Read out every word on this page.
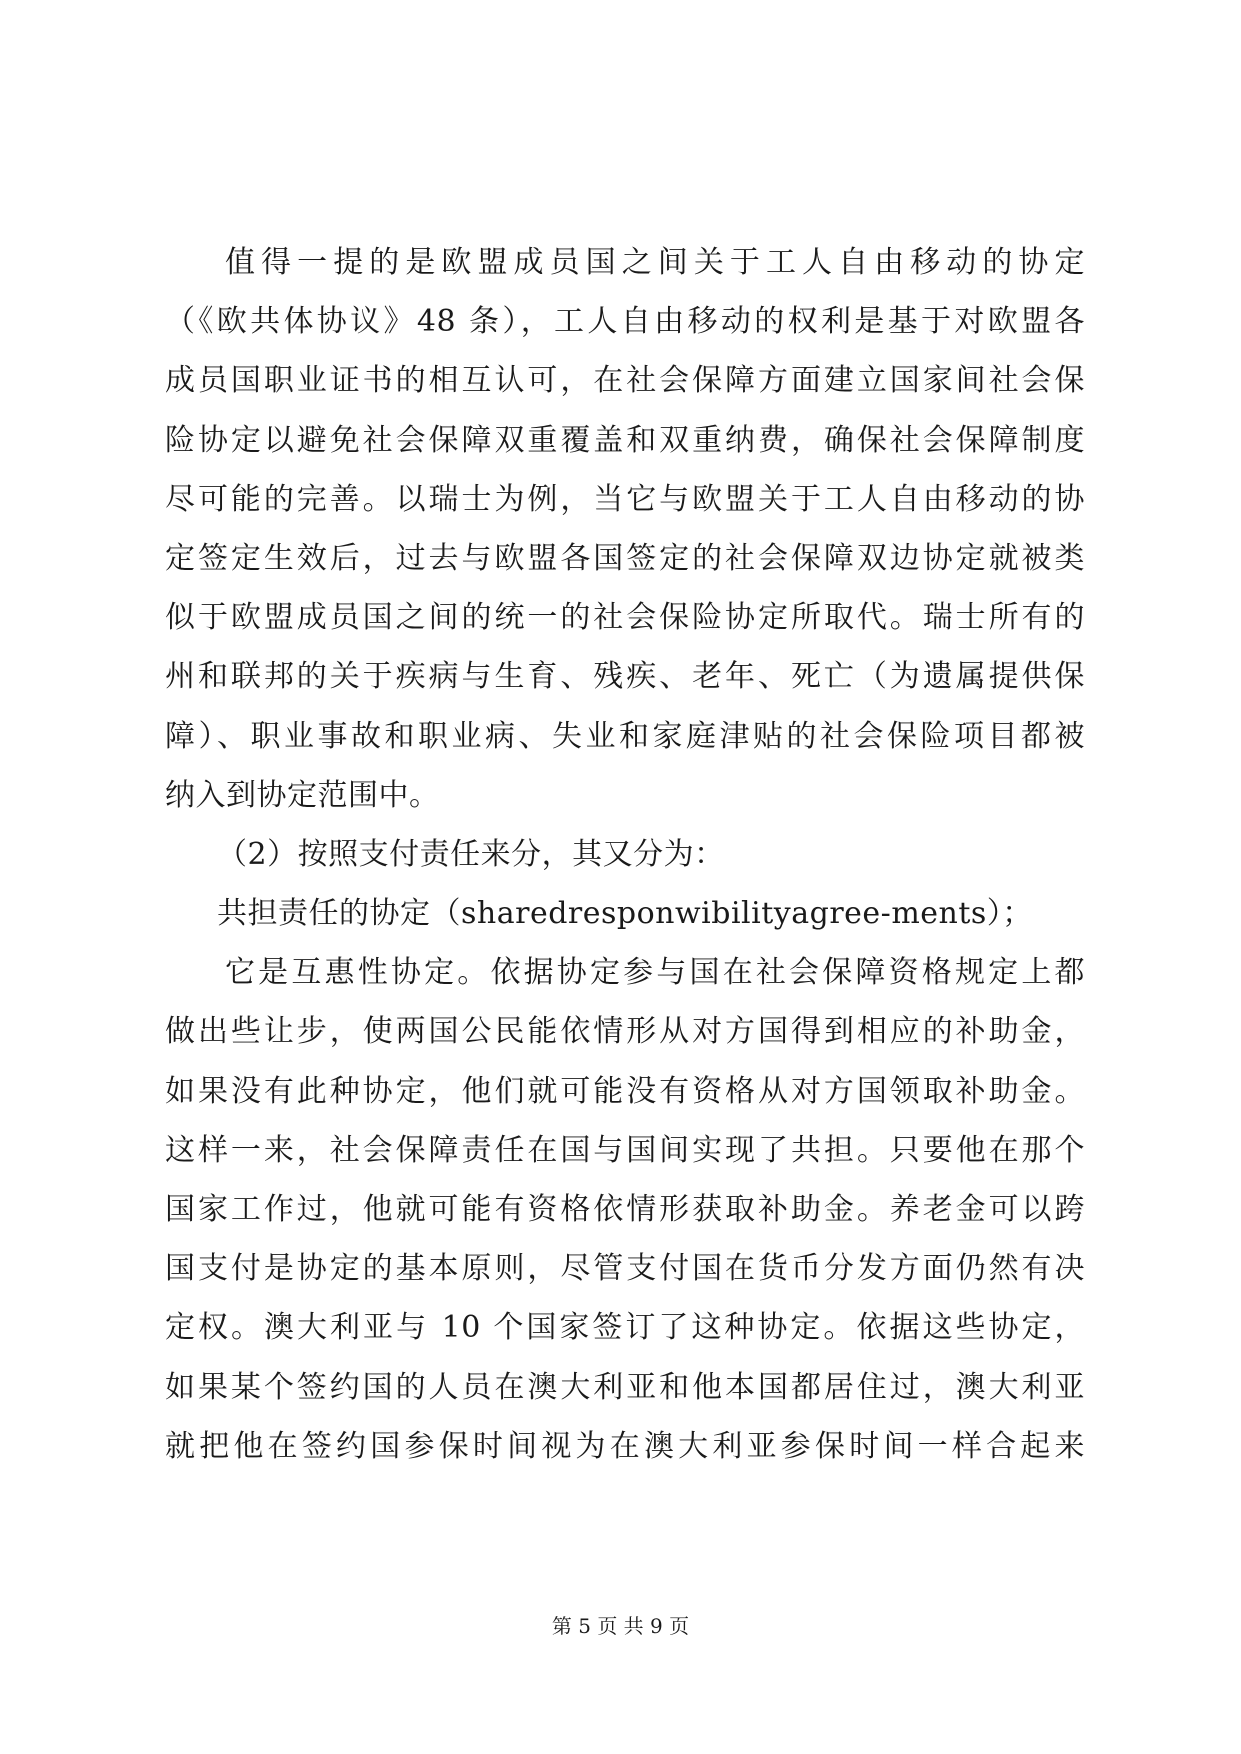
值得一提的是欧盟成员国之间关于工人自由移动的协定
（《欧共体协议》48 条），工人自由移动的权利是基于对欧盟各
成员国职业证书的相互认可，在社会保障方面建立国家间社会保
险协定以避免社会保障双重覆盖和双重纳费，确保社会保障制度
尽可能的完善。以瑞士为例，当它与欧盟关于工人自由移动的协
定签定生效后，过去与欧盟各国签定的社会保障双边协定就被类
似于欧盟成员国之间的统一的社会保险协定所取代。瑞士所有的
州和联邦的关于疾病与生育、残疾、老年、死亡（为遗属提供保
障）、职业事故和职业病、失业和家庭津贴的社会保险项目都被
纳入到协定范围中。
（2）按照支付责任来分，其又分为：
共担责任的协定（sharedresponwibilityagree-ments）；
它是互惠性协定。依据协定参与国在社会保障资格规定上都
做出些让步，使两国公民能依情形从对方国得到相应的补助金，
如果没有此种协定，他们就可能没有资格从对方国领取补助金。
这样一来，社会保障责任在国与国间实现了共担。只要他在那个
国家工作过，他就可能有资格依情形获取补助金。养老金可以跨
国支付是协定的基本原则，尽管支付国在货币分发方面仍然有决
定权。澳大利亚与 10 个国家签订了这种协定。依据这些协定，
如果某个签约国的人员在澳大利亚和他本国都居住过，澳大利亚
就把他在签约国参保时间视为在澳大利亚参保时间一样合起来
第 5 页 共 9 页
